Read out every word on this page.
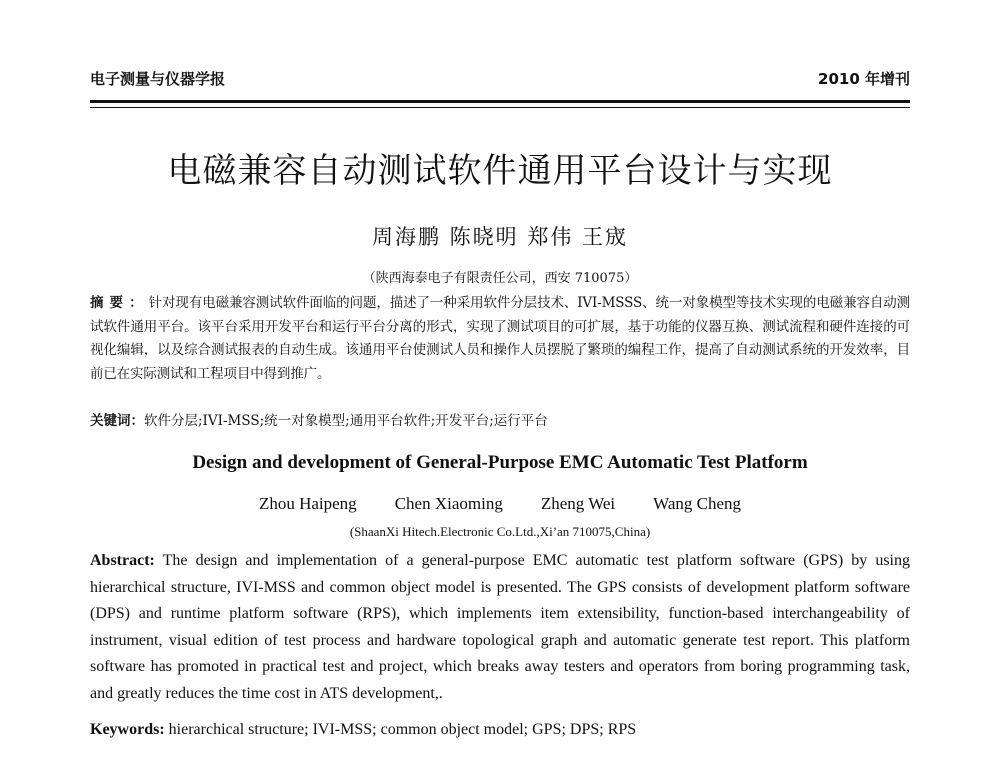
电子测量与仪器学报	2010 年增刊
电磁兼容自动测试软件通用平台设计与实现
周海鹏 陈晓明 郑伟 王宬
（陕西海泰电子有限责任公司，西安 710075）
摘要：针对现有电磁兼容测试软件面临的问题，描述了一种采用软件分层技术、IVI-MSSS、统一对象模型等技术实现的电磁兼容自动测试软件通用平台。该平台采用开发平台和运行平台分离的形式，实现了测试项目的可扩展，基于功能的仪器互换、测试流程和硬件连接的可视化编辑，以及综合测试报表的自动生成。该通用平台使测试人员和操作人员摆脱了繁琐的编程工作，提高了自动测试系统的开发效率，目前已在实际测试和工程项目中得到推广。
关键词：软件分层;IVI-MSS;统一对象模型;通用平台软件;开发平台;运行平台
Design and development of General-Purpose EMC Automatic Test Platform
Zhou Haipeng Chen Xiaoming Zheng Wei Wang Cheng
(ShaanXi Hitech.Electronic Co.Ltd.,Xi’an 710075,China)
Abstract: The design and implementation of a general-purpose EMC automatic test platform software (GPS) by using hierarchical structure, IVI-MSS and common object model is presented. The GPS consists of development platform software (DPS) and runtime platform software (RPS), which implements item extensibility, function-based interchangeability of instrument, visual edition of test process and hardware topological graph and automatic generate test report. This platform software has promoted in practical test and project, which breaks away testers and operators from boring programming task, and greatly reduces the time cost in ATS development,.
Keywords: hierarchical structure; IVI-MSS; common object model; GPS; DPS; RPS
